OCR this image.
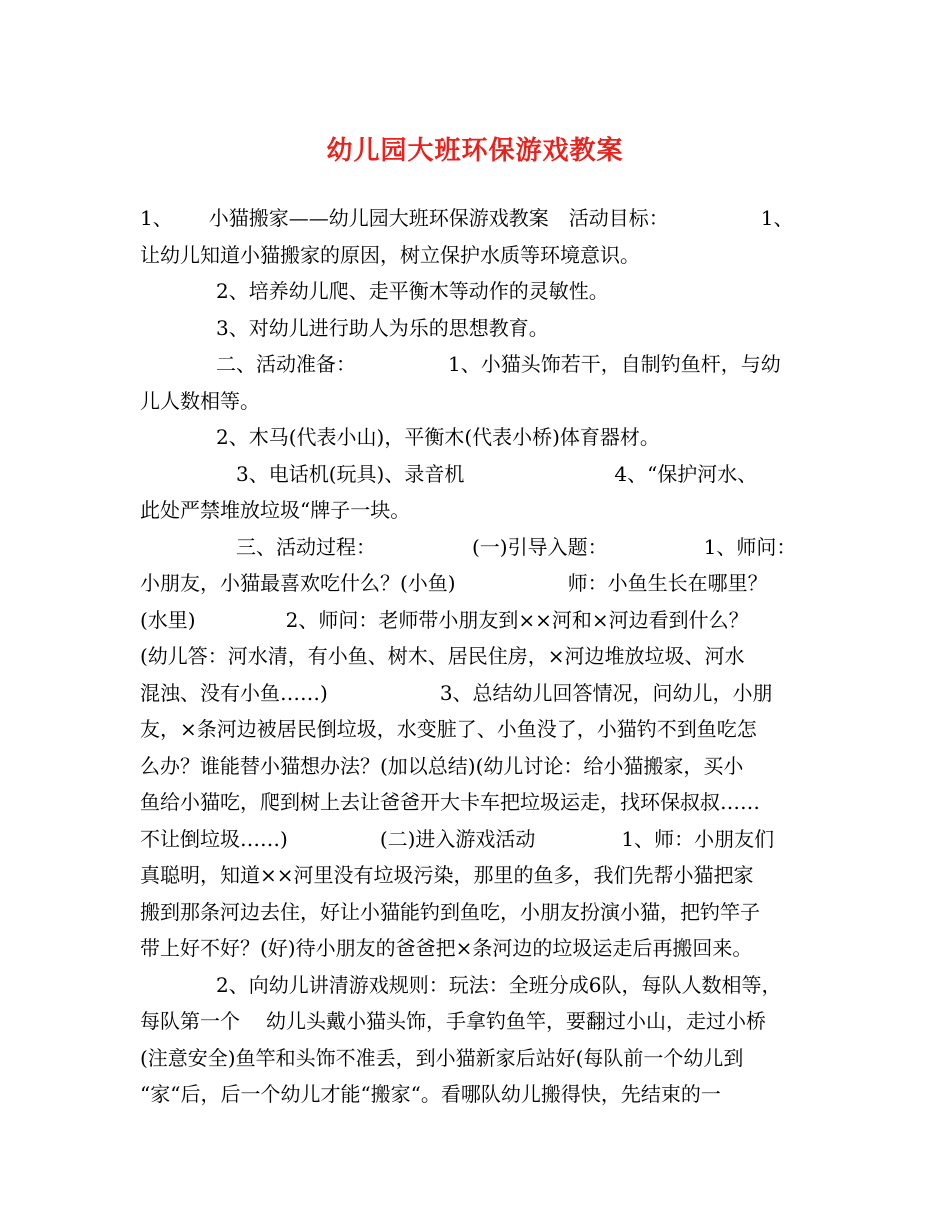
幼儿园大班环保游戏教案
1、 小猫搬家——幼儿园大班环保游戏教案 活动目标：	1、
让幼儿知道小猫搬家的原因，树立保护水质等环境意识。
2、培养幼儿爬、走平衡木等动作的灵敏性。
3、对幼儿进行助人为乐的思想教育。
二、活动准备：	1、小猫头饰若干，自制钓鱼杆，与幼
儿人数相等。
2、木马(代表小山)，平衡木(代表小桥)体育器材。
3、电话机(玩具)、录音机	4、“保护河水、
此处严禁堆放垃圾“牌子一块。
三、活动过程：	(一)引导入题：	1、师问：
小朋友，小猫最喜欢吃什么？(小鱼)	师：小鱼生长在哪里？
(水里)	2、师问：老师带小朋友到××河和×河边看到什么？
(幼儿答：河水清，有小鱼、树木、居民住房，×河边堆放垃圾、河水
混浊、没有小鱼……)	3、总结幼儿回答情况，问幼儿，小朋
友，×条河边被居民倒垃圾，水变脏了、小鱼没了，小猫钓不到鱼吃怎
么办？谁能替小猫想办法？(加以总结)(幼儿讨论：给小猫搬家，买小
鱼给小猫吃，爬到树上去让爸爸开大卡车把垃圾运走，找环保叔叔……
不让倒垃圾……)	(二)进入游戏活动	1、师：小朋友们
真聪明，知道××河里没有垃圾污染，那里的鱼多，我们先帮小猫把家
搬到那条河边去住，好让小猫能钓到鱼吃，小朋友扮演小猫，把钓竿子
带上好不好？(好)待小朋友的爸爸把×条河边的垃圾运走后再搬回来。
2、向幼儿讲清游戏规则：玩法：全班分成6队，每队人数相等，
每队第一个 幼儿头戴小猫头饰，手拿钓鱼竿，要翻过小山，走过小桥
(注意安全)鱼竿和头饰不准丢，到小猫新家后站好(每队前一个幼儿到
“家“后，后一个幼儿才能“搬家“。看哪队幼儿搬得快，先结束的一
